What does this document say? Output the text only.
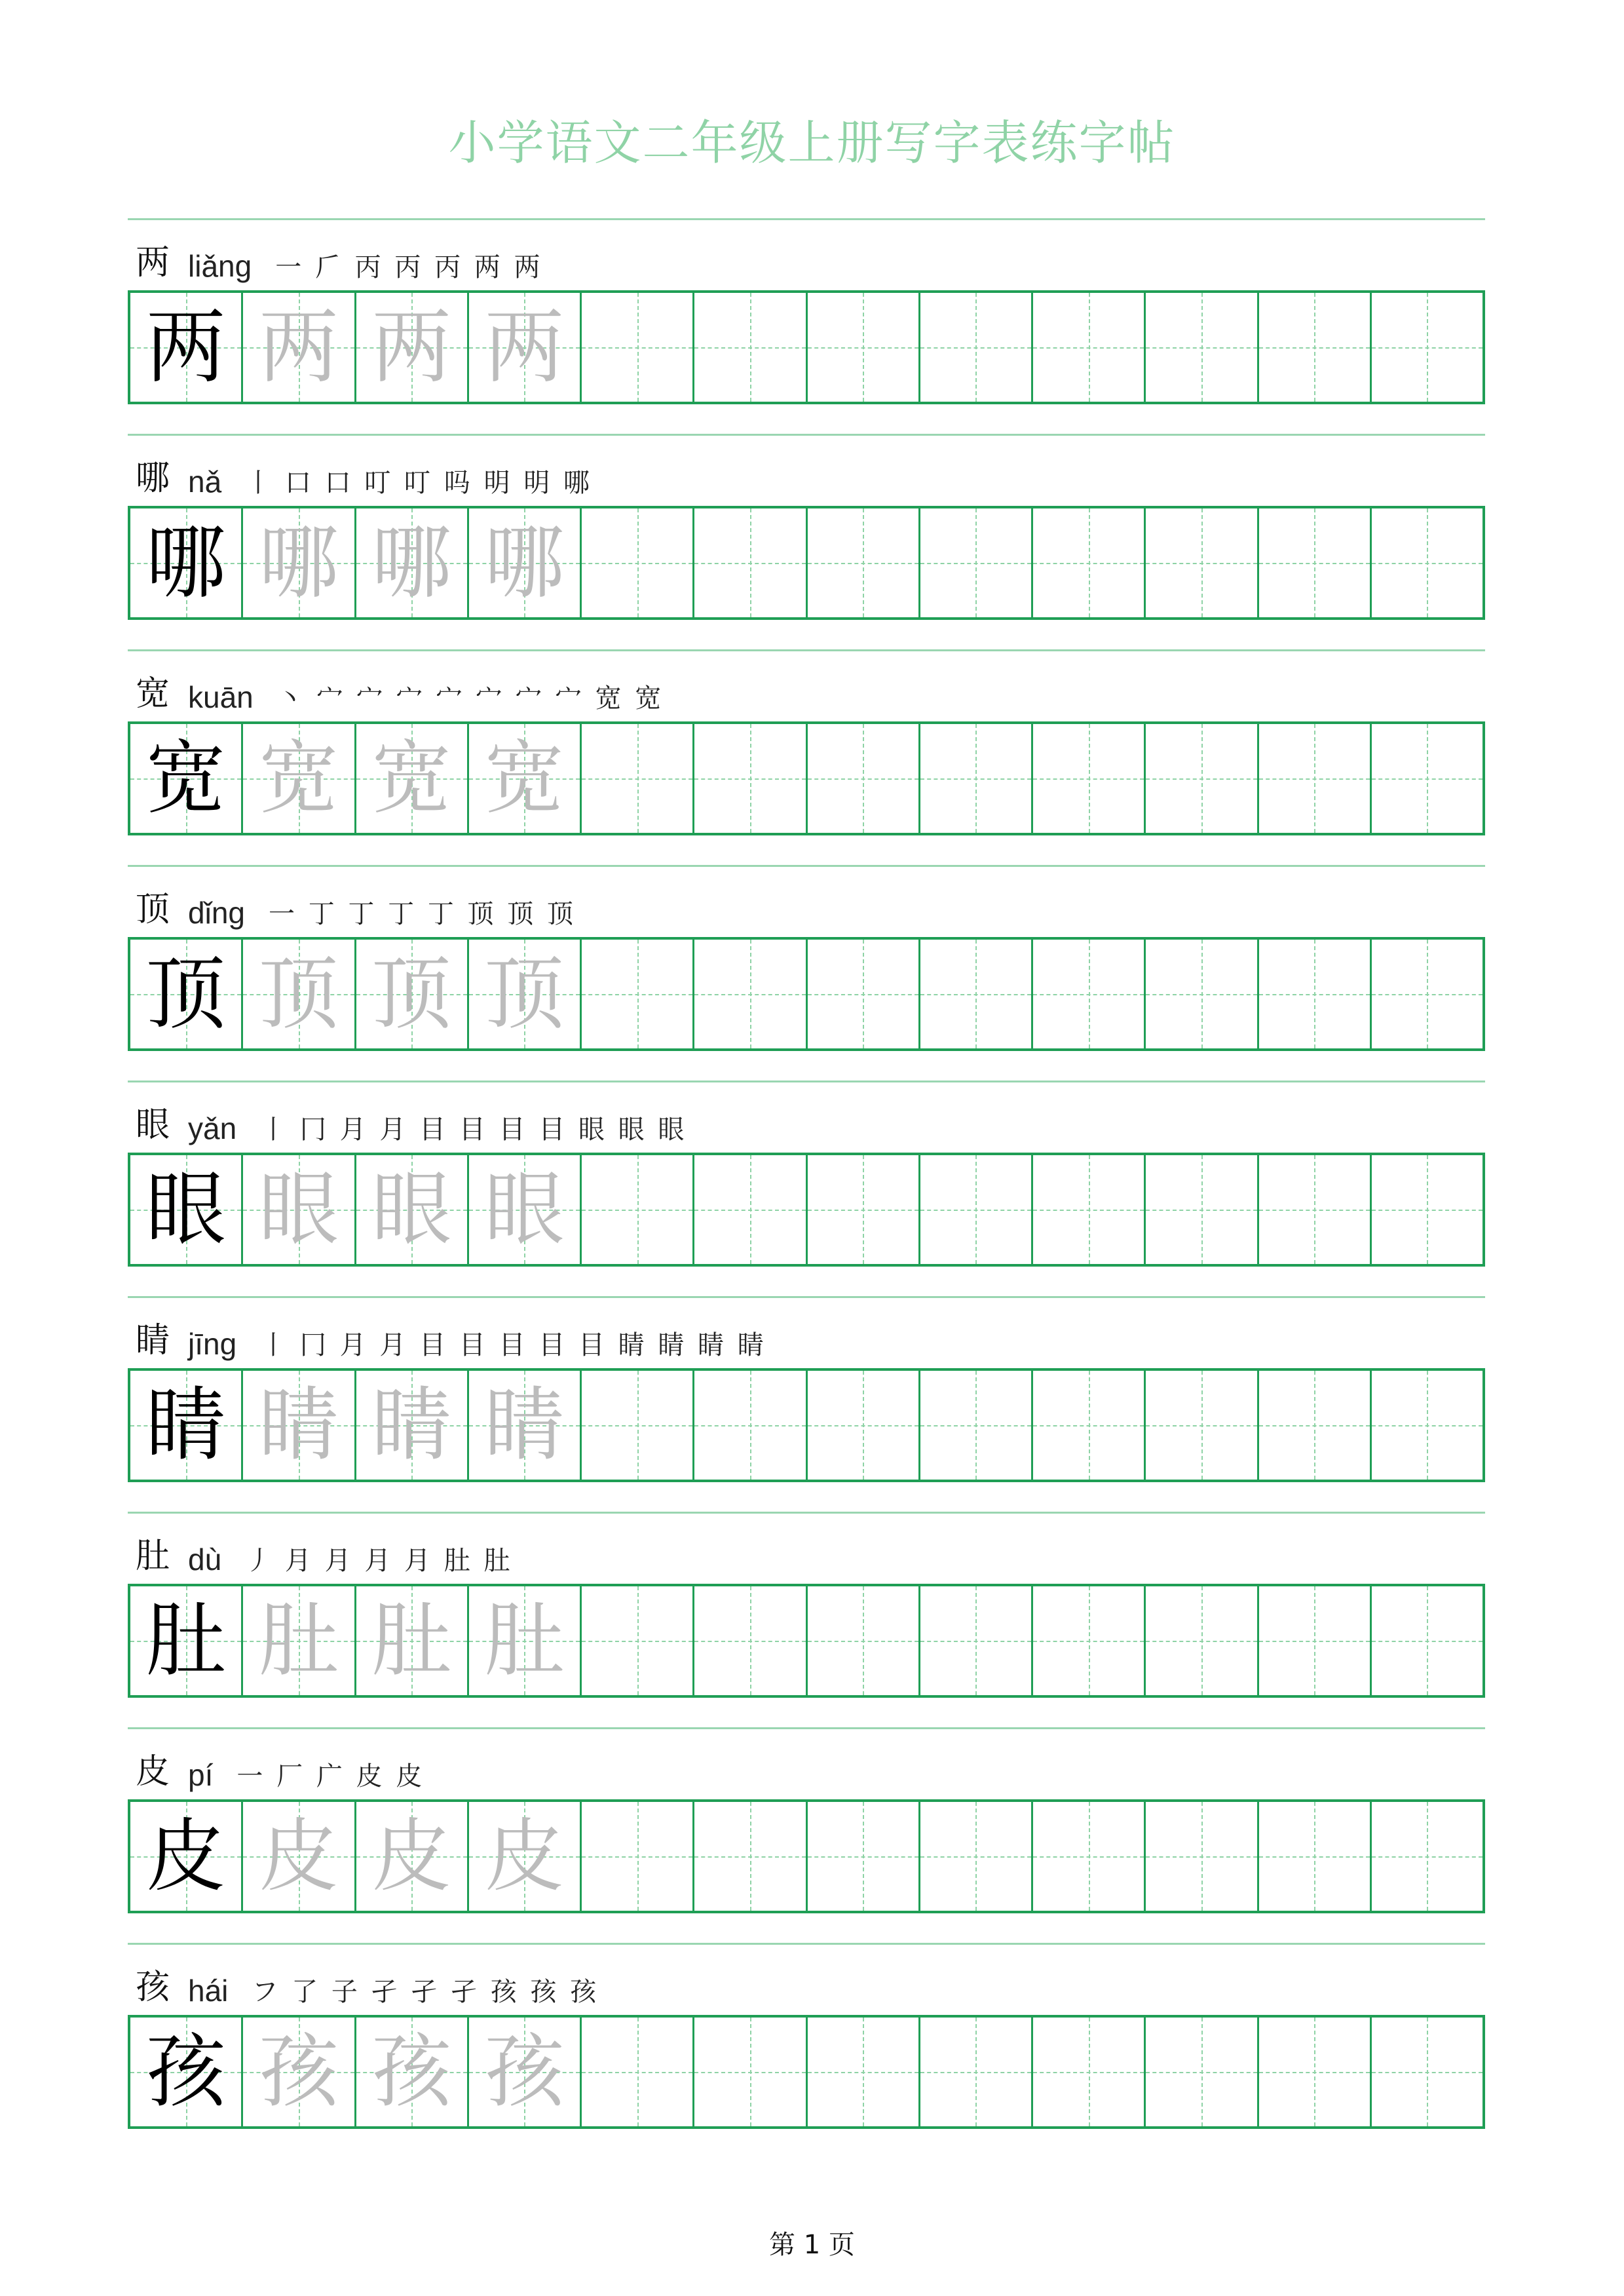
小学语文二年级上册写字表练字帖
两 liǎng 一 𠂆 丙 丙 丙 两 两
两 两 两 两
哪 nǎ 丨 口 口 叮 叮 吗 明 明 哪
哪 哪 哪 哪
宽 kuān 丶 宀 宀 宀 宀 宀 宀 宀 宽 宽
宽 宽 宽 宽
顶 dǐng 一 丁 丁 丁 丁 顶 顶 顶
顶 顶 顶 顶
眼 yǎn 丨 冂 月 月 目 目 目 目 眼 眼 眼
眼 眼 眼 眼
睛 jīng 丨 冂 月 月 目 目 目 目 目 睛 睛 睛 睛
睛 睛 睛 睛
肚 dù 丿 月 月 月 月 肚 肚
肚 肚 肚 肚
皮 pí 一 厂 广 皮 皮
皮 皮 皮 皮
孩 hái フ 了 子 孑 孑 孑 孩 孩 孩
孩 孩 孩 孩
第 1 页
